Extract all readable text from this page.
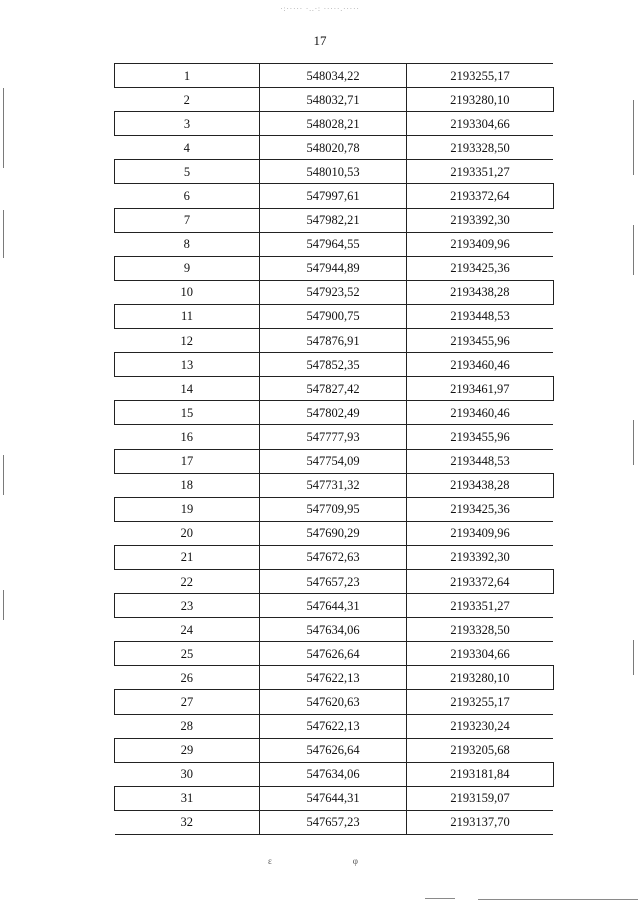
·:····· ·..·: ·····.·····
17
1	548034,22	2193255,17
2	548032,71	2193280,10
3	548028,21	2193304,66
4	548020,78	2193328,50
5	548010,53	2193351,27
6	547997,61	2193372,64
7	547982,21	2193392,30
8	547964,55	2193409,96
9	547944,89	2193425,36
10	547923,52	2193438,28
11	547900,75	2193448,53
12	547876,91	2193455,96
13	547852,35	2193460,46
14	547827,42	2193461,97
15	547802,49	2193460,46
16	547777,93	2193455,96
17	547754,09	2193448,53
18	547731,32	2193438,28
19	547709,95	2193425,36
20	547690,29	2193409,96
21	547672,63	2193392,30
22	547657,23	2193372,64
23	547644,31	2193351,27
24	547634,06	2193328,50
25	547626,64	2193304,66
26	547622,13	2193280,10
27	547620,63	2193255,17
28	547622,13	2193230,24
29	547626,64	2193205,68
30	547634,06	2193181,84
31	547644,31	2193159,07
32	547657,23	2193137,70
ε	φ
